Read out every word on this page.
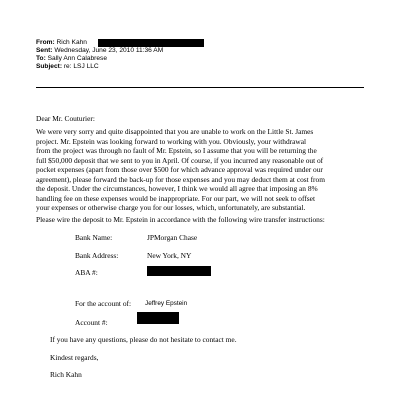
From: Rich Kahn
Sent: Wednesday, June 23, 2010 11:36 AM
To: Sally Ann Calabrese
Subject: re: LSJ LLC
Dear Mr. Couturier:
We were very sorry and quite disappointed that you are unable to work on the Little St. James
project. Mr. Epstein was looking forward to working with you. Obviously, your withdrawal
from the project was through no fault of Mr. Epstein, so I assume that you will be returning the
full $50,000 deposit that we sent to you in April. Of course, if you incurred any reasonable out of
pocket expenses (apart from those over $500 for which advance approval was required under our
agreement), please forward the back-up for those expenses and you may deduct them at cost from
the deposit. Under the circumstances, however, I think we would all agree that imposing an 8%
handling fee on these expenses would be inappropriate. For our part, we will not seek to offset
your expenses or otherwise charge you for our losses, which, unfortunately, are substantial.
Please wire the deposit to Mr. Epstein in accordance with the following wire transfer instructions:
Bank Name:	JPMorgan Chase
Bank Address:	New York, NY
ABA #:
For the account of: Jeffrey Epstein
Account #:
If you have any questions, please do not hesitate to contact me.
Kindest regards,
Rich Kahn
